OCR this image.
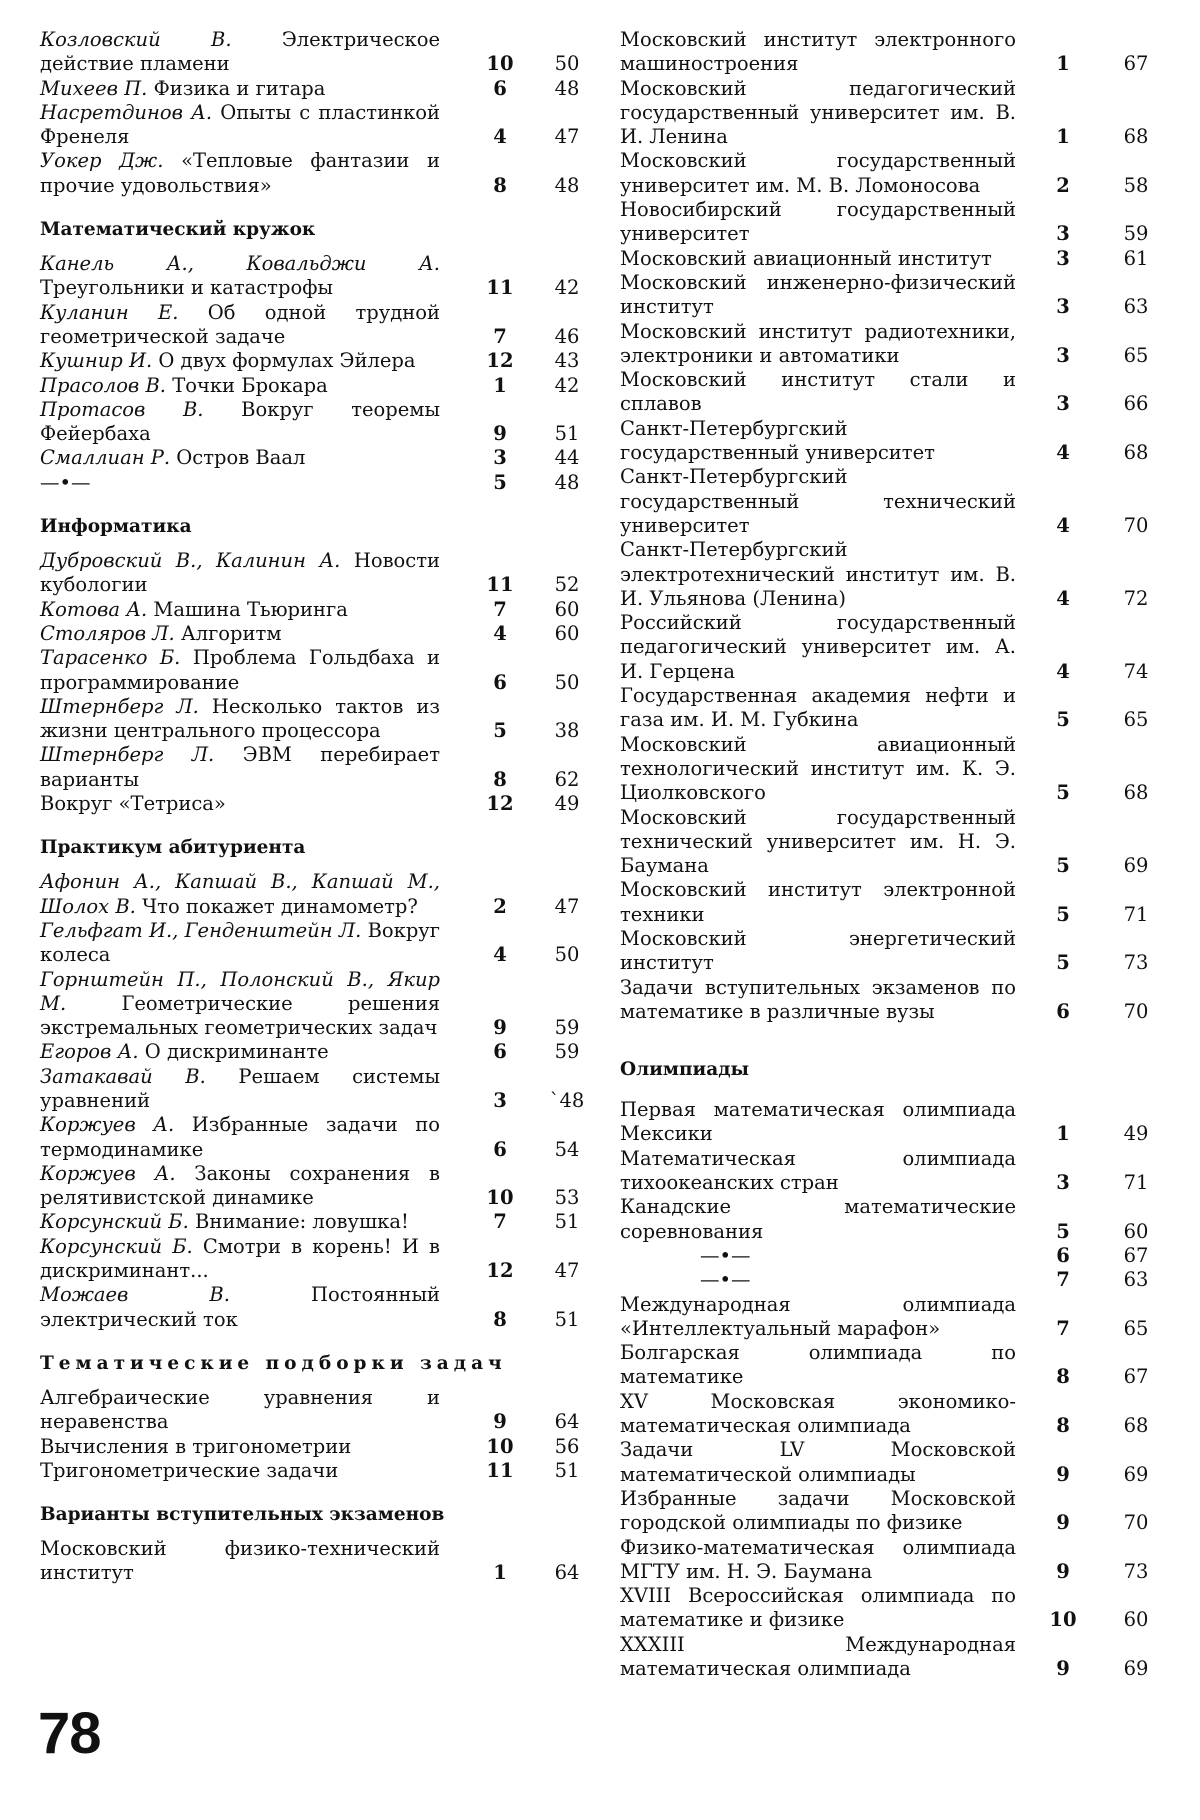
Козловский В.	Электрическое действие пламени	10	50
Михеев П. Физика и гитара	6	48
Насретдинов А. Опыты с пластинкой Френеля	4	47
Уокер Дж. «Тепловые фантазии и прочие удовольствия»	8	48
Математический кружок
Канель А., Ковальджи А. Треугольники и катастрофы	11	42
Куланин Е. Об одной трудной геометрической задаче	7	46
Кушнир И. О двух формулах Эйлера	12	43
Прасолов В. Точки Брокара	1	42
Протасов В. Вокруг теоремы Фейербаха	9	51
Смаллиан Р. Остров Ваал	3	44
—•—	5	48
Информатика
Дубровский В., Калинин А. Новости кубологии	11	52
Котова А. Машина Тьюринга	7	60
Столяров Л. Алгоритм	4	60
Тарасенко Б. Проблема Гольдбаха и программирование	6	50
Штернберг Л. Несколько тактов из жизни центрального процессора	5	38
Штернберг Л. ЭВМ перебирает варианты	8	62
Вокруг «Тетриса»	12	49
Практикум абитуриента
Афонин А., Капшай В., Капшай М., Шолох В. Что покажет динамометр?	2	47
Гельфгат И., Генденштейн Л. Вокруг колеса	4	50
Горнштейн П., Полонский В., Якир М.	Геометрические решения экстремальных геометрических задач	9	59
Егоров А. О дискриминанте	6	59
Затакавай В. Решаем системы уравнений	3	`48
Коржуев А. Избранные задачи по термодинамике	6	54
Коржуев А. Законы сохранения в релятивистской динамике	10	53
Корсунский Б. Внимание: ловушка!	7	51
Корсунский Б. Смотри в корень! И в дискриминант...	12	47
Можаев В.	Постоянный электрический ток	8	51
Тематические подборки задач
Алгебраические уравнения и неравенства	9	64
Вычисления в тригонометрии	10	56
Тригонометрические задачи	11	51
Варианты вступительных экзаменов
Московский физико-технический институт	1	64
Московский институт электронного машиностроения	1	67
Московский педагогический государственный университет им. В. И. Ленина	1	68
Московский государственный университет им. М. В. Ломоносова	2	58
Новосибирский государственный университет	3	59
Московский авиационный институт	3	61
Московский инженерно-физический институт	3	63
Московский институт радиотехники, электроники и автоматики	3	65
Московский институт стали и сплавов	3	66
Санкт-Петербургский государственный университет	4	68
Санкт-Петербургский государственный технический университет	4	70
Санкт-Петербургский электротехнический институт им. В. И. Ульянова (Ленина)	4	72
Российский государственный педагогический университет им. А. И. Герцена	4	74
Государственная академия нефти и газа им. И. М. Губкина	5	65
Московский авиационный технологический институт им. К. Э. Циолковского	5	68
Московский государственный технический университет им. Н. Э. Баумана	5	69
Московский институт электронной техники	5	71
Московский энергетический институт	5	73
Задачи вступительных экзаменов по математике в различные вузы	6	70
Олимпиады
Первая математическая олимпиада Мексики	1	49
Математическая олимпиада тихоокеанских стран	3	71
Канадские математические соревнования	5	60
—•—	6	67
—•—	7	63
Международная олимпиада «Интеллектуальный марафон»	7	65
Болгарская олимпиада по математике	8	67
XV Московская экономико-математическая олимпиада	8	68
Задачи LV Московской математической олимпиады	9	69
Избранные задачи Московской городской олимпиады по физике	9	70
Физико-математическая олимпиада МГТУ им. Н. Э. Баумана	9	73
XVIII Всероссийская олимпиада по математике и физике	10	60
XXXIII Международная математическая олимпиада	9	69
78
